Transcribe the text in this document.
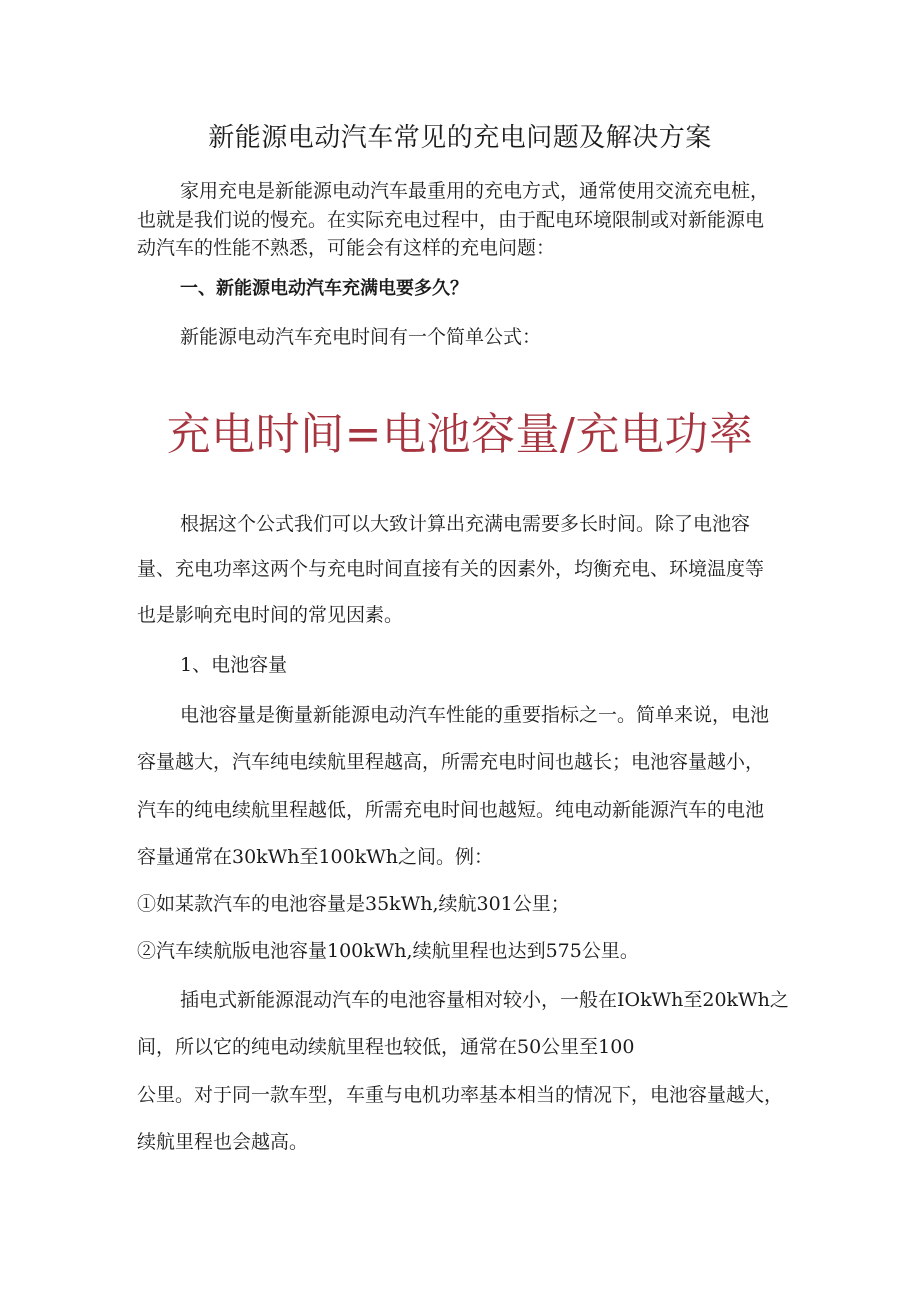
新能源电动汽车常见的充电问题及解决方案

家用充电是新能源电动汽车最重用的充电方式，通常使用交流充电桩，

也就是我们说的慢充。在实际充电过程中，由于配电环境限制或对新能源电

动汽车的性能不熟悉，可能会有这样的充电问题：

一、新能源电动汽车充满电要多久？

新能源电动汽车充电时间有一个简单公式：

充电时间=电池容量/充电功率

根据这个公式我们可以大致计算出充满电需要多长时间。除了电池容

量、充电功率这两个与充电时间直接有关的因素外，均衡充电、环境温度等

也是影响充电时间的常见因素。

1、电池容量

电池容量是衡量新能源电动汽车性能的重要指标之一。简单来说，电池

容量越大，汽车纯电续航里程越高，所需充电时间也越长；电池容量越小，

汽车的纯电续航里程越低，所需充电时间也越短。纯电动新能源汽车的电池

容量通常在30kWh至100kWh之间。例：

①如某款汽车的电池容量是35kWh,续航301公里；

②汽车续航版电池容量100kWh,续航里程也达到575公里。

插电式新能源混动汽车的电池容量相对较小，一般在IOkWh至20kWh之

间，所以它的纯电动续航里程也较低，通常在50公里至100

公里。对于同一款车型，车重与电机功率基本相当的情况下，电池容量越大，

续航里程也会越高。
